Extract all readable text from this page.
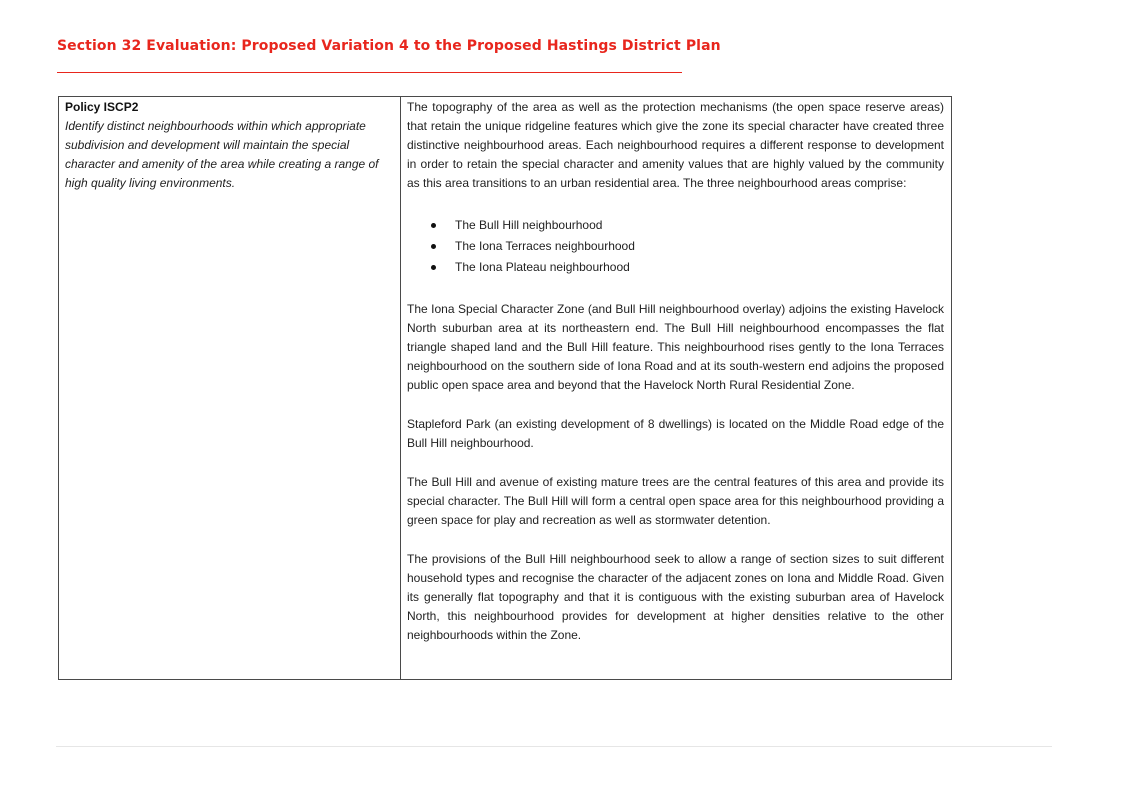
Section 32 Evaluation: Proposed Variation 4 to the Proposed Hastings District Plan
Policy ISCP2
Identify distinct neighbourhoods within which appropriate subdivision and development will maintain the special character and amenity of the area while creating a range of high quality living environments.

The topography of the area as well as the protection mechanisms (the open space reserve areas) that retain the unique ridgeline features which give the zone its special character have created three distinctive neighbourhood areas. Each neighbourhood requires a different response to development in order to retain the special character and amenity values that are highly valued by the community as this area transitions to an urban residential area. The three neighbourhood areas comprise:

The Bull Hill neighbourhood
The Iona Terraces neighbourhood
The Iona Plateau neighbourhood

The Iona Special Character Zone (and Bull Hill neighbourhood overlay) adjoins the existing Havelock North suburban area at its northeastern end. The Bull Hill neighbourhood encompasses the flat triangle shaped land and the Bull Hill feature. This neighbourhood rises gently to the Iona Terraces neighbourhood on the southern side of Iona Road and at its south-western end adjoins the proposed public open space area and beyond that the Havelock North Rural Residential Zone.

Stapleford Park (an existing development of 8 dwellings) is located on the Middle Road edge of the Bull Hill neighbourhood.

The Bull Hill and avenue of existing mature trees are the central features of this area and provide its special character. The Bull Hill will form a central open space area for this neighbourhood providing a green space for play and recreation as well as stormwater detention.

The provisions of the Bull Hill neighbourhood seek to allow a range of section sizes to suit different household types and recognise the character of the adjacent zones on Iona and Middle Road. Given its generally flat topography and that it is contiguous with the existing suburban area of Havelock North, this neighbourhood provides for development at higher densities relative to the other neighbourhoods within the Zone.
